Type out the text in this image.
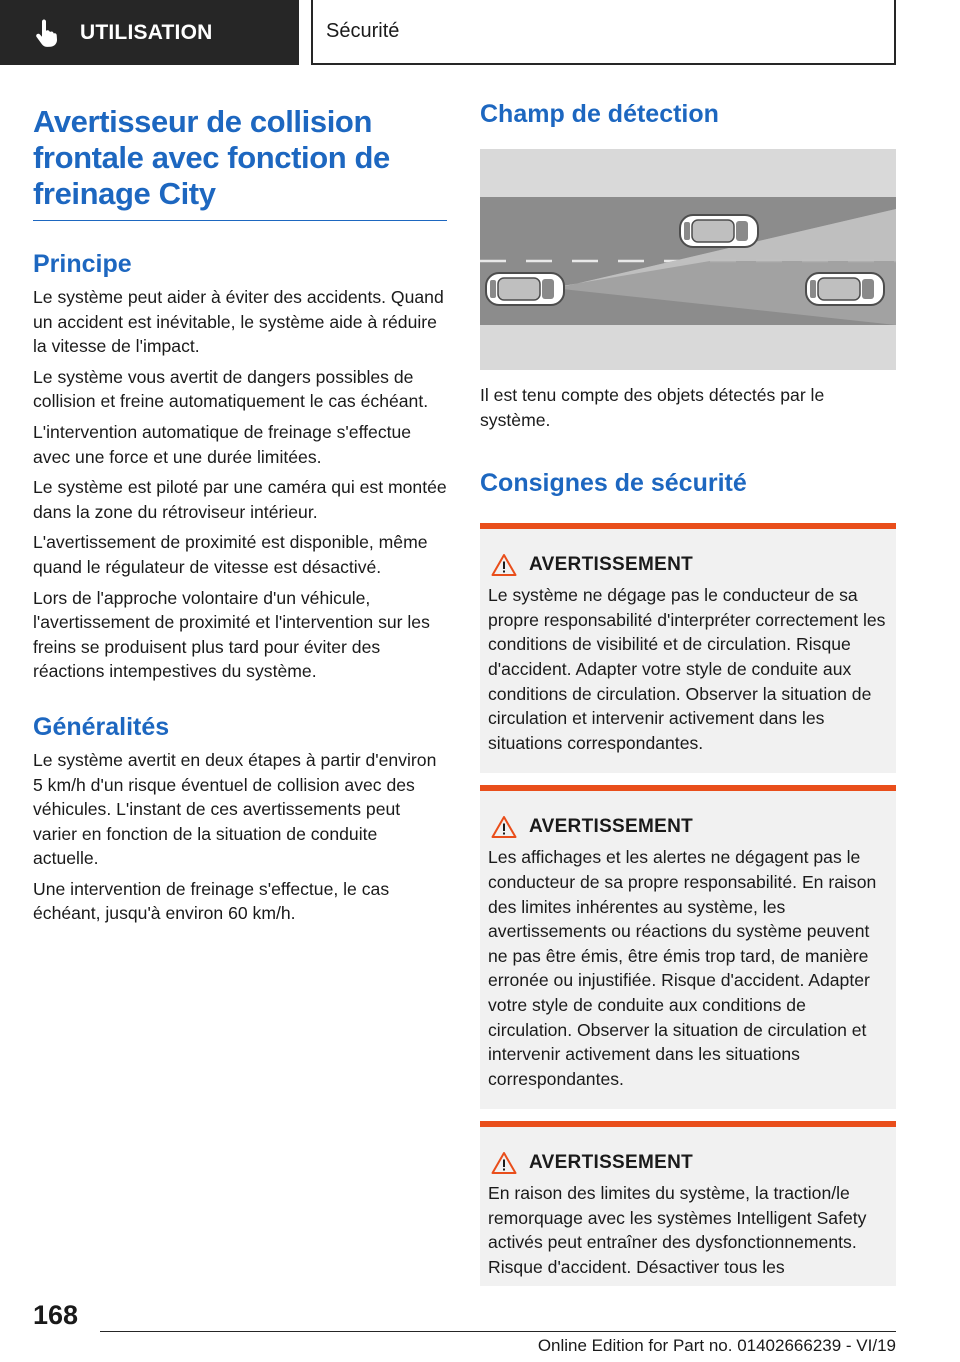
UTILISATION	Sécurité
Avertisseur de collision frontale avec fonction de freinage City
Principe

Le système peut aider à éviter des accidents. Quand un accident est inévitable, le système aide à réduire la vitesse de l'impact.

Le système vous avertit de dangers possibles de collision et freine automatiquement le cas échéant.

L'intervention automatique de freinage s'effectue avec une force et une durée limitées.

Le système est piloté par une caméra qui est montée dans la zone du rétroviseur intérieur.

L'avertissement de proximité est disponible, même quand le régulateur de vitesse est désactivé.

Lors de l'approche volontaire d'un véhicule, l'avertissement de proximité et l'intervention sur les freins se produisent plus tard pour éviter des réactions intempestives du système.

Généralités

Le système avertit en deux étapes à partir d'environ 5 km/h d'un risque éventuel de collision avec des véhicules. L'instant de ces avertissements peut varier en fonction de la situation de conduite actuelle.

Une intervention de freinage s'effectue, le cas échéant, jusqu'à environ 60 km/h.

Champ de détection

Il est tenu compte des objets détectés par le système.

Consignes de sécurité
AVERTISSEMENT

Le système ne dégage pas le conducteur de sa propre responsabilité d'interpréter correctement les conditions de visibilité et de circulation. Risque d'accident. Adapter votre style de conduite aux conditions de circulation. Observer la situation de circulation et intervenir activement dans les situations correspondantes.

AVERTISSEMENT

Les affichages et les alertes ne dégagent pas le conducteur de sa propre responsabilité. En raison des limites inhérentes au système, les avertissements ou réactions du système peuvent ne pas être émis, être émis trop tard, de manière erronée ou injustifiée. Risque d'accident. Adapter votre style de conduite aux conditions de circulation. Observer la situation de circulation et intervenir activement dans les situations correspondantes.

AVERTISSEMENT

En raison des limites du système, la traction/le remorquage avec les systèmes Intelligent Safety activés peut entraîner des dysfonctionnements. Risque d'accident. Désactiver tous les

168
Online Edition for Part no. 01402666239 - VI/19
